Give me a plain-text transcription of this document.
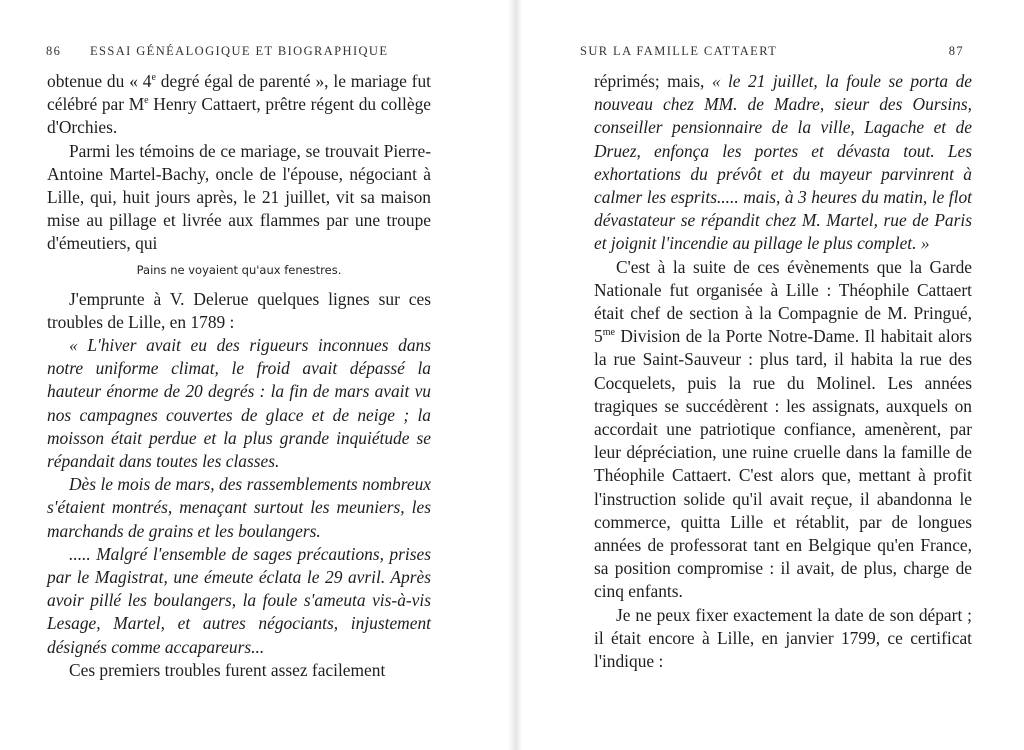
86 ESSAI GÉNÉALOGIQUE ET BIOGRAPHIQUE

obtenue du « 4e degré égal de parenté », le mariage fut célébré par Me Henry Cattaert, prêtre régent du collège d'Orchies.

Parmi les témoins de ce mariage, se trouvait Pierre-Antoine Martel-Bachy, oncle de l'épouse, négociant à Lille, qui, huit jours après, le 21 juillet, vit sa maison mise au pillage et livrée aux flammes par une troupe d'émeutiers, qui

Pains ne voyaient qu'aux fenestres.

J'emprunte à V. Delerue quelques lignes sur ces troubles de Lille, en 1789 :

« L'hiver avait eu des rigueurs inconnues dans notre uniforme climat, le froid avait dépassé la hauteur énorme de 20 degrés : la fin de mars avait vu nos campagnes couvertes de glace et de neige ; la moisson était perdue et la plus grande inquiétude se répandait dans toutes les classes.

Dès le mois de mars, des rassemblements nombreux s'étaient montrés, menaçant surtout les meuniers, les marchands de grains et les boulangers.

..... Malgré l'ensemble de sages précautions, prises par le Magistrat, une émeute éclata le 29 avril. Après avoir pillé les boulangers, la foule s'ameuta vis-à-vis Lesage, Martel, et autres négociants, injustement désignés comme accapareurs...

Ces premiers troubles furent assez facilement

SUR LA FAMILLE CATTAERT	87

réprimés; mais, « le 21 juillet, la foule se porta de nouveau chez MM. de Madre, sieur des Oursins, conseiller pensionnaire de la ville, Lagache et de Druez, enfonça les portes et dévasta tout. Les exhortations du prévôt et du mayeur parvinrent à calmer les esprits..... mais, à 3 heures du matin, le flot dévastateur se répandit chez M. Martel, rue de Paris et joignit l'incendie au pillage le plus complet. »

C'est à la suite de ces évènements que la Garde Nationale fut organisée à Lille : Théophile Cattaert était chef de section à la Compagnie de M. Pringué, $5^{me}$ Division de la Porte Notre-Dame. Il habitait alors la rue Saint-Sauveur : plus tard, il habita la rue des Cocquelets, puis la rue du Molinel. Les années tragiques se succédèrent : les assignats, auxquels on accordait une patriotique confiance, amenèrent, par leur dépréciation, une ruine cruelle dans la famille de Théophile Cattaert. C'est alors que, mettant à profit l'instruction solide qu'il avait reçue, il abandonna le commerce, quitta Lille et rétablit, par de longues années de professorat tant en Belgique qu'en France, sa position compromise : il avait, de plus, charge de cinq enfants.

Je ne peux fixer exactement la date de son départ ; il était encore à Lille, en janvier 1799, ce certificat l'indique :
